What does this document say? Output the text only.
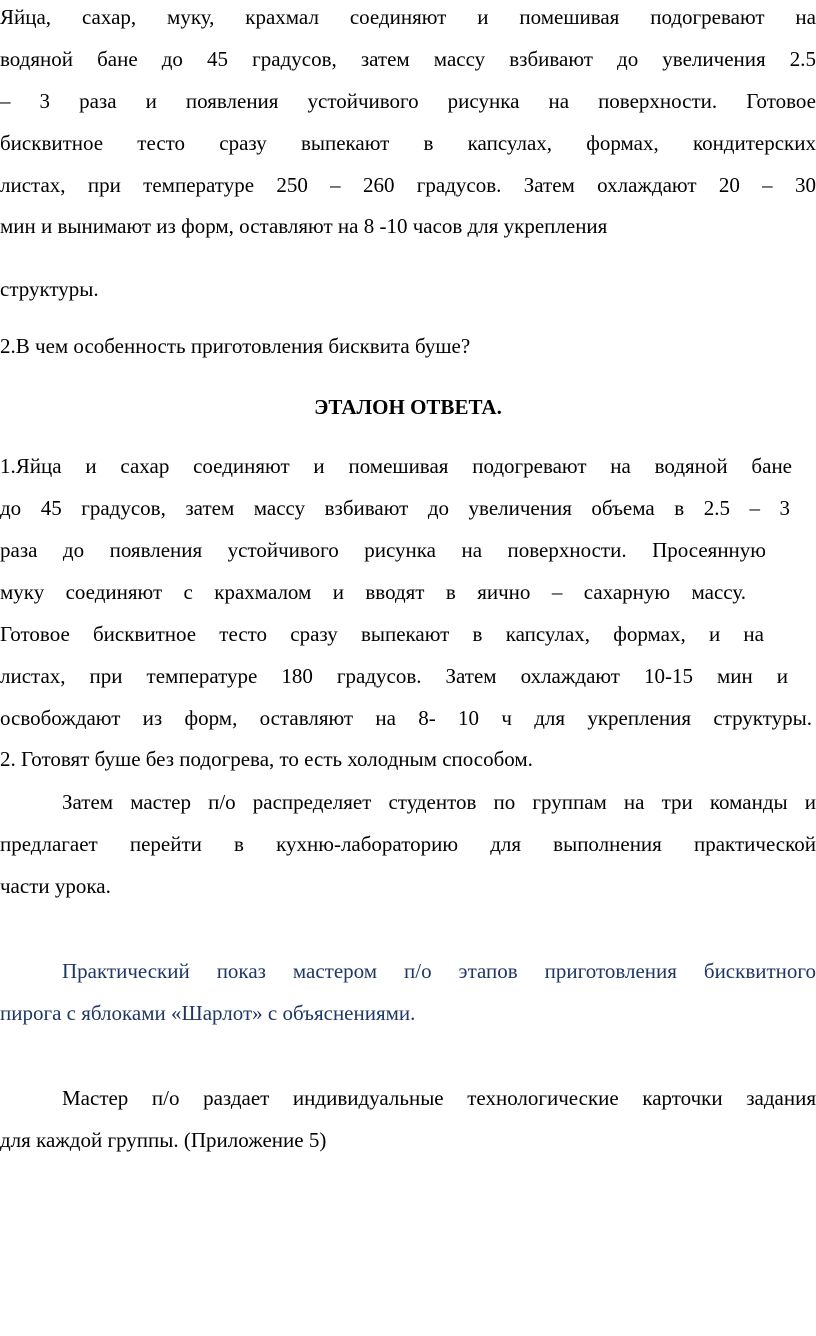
Яйца, сахар, муку, крахмал соединяют и помешивая подогревают на
водяной бане до 45 градусов, затем массу взбивают до увеличения 2.5
– 3 раза и появления устойчивого рисунка на поверхности. Готовое
бисквитное тесто сразу выпекают в капсулах, формах, кондитерских
листах, при температуре 250 – 260 градусов. Затем охлаждают 20 – 30
мин и вынимают из форм, оставляют на 8 -10 часов для укрепления
структуры.
2.В чем особенность приготовления бисквита буше?
ЭТАЛОН ОТВЕТА.
1.Яйца и сахар соединяют и помешивая подогревают на водяной бане
до 45 градусов, затем массу взбивают до увеличения объема в 2.5 – 3
раза до появления устойчивого рисунка на поверхности. Просеянную
муку соединяют с крахмалом и вводят в яично – сахарную массу.
Готовое бисквитное тесто сразу выпекают в капсулах, формах, и на
листах, при температуре 180 градусов. Затем охлаждают 10-15 мин и
освобождают из форм, оставляют на 8- 10 ч для укрепления структуры.
2. Готовят буше без подогрева, то есть холодным способом.
Затем мастер п/о распределяет студентов по группам на три команды и
предлагает перейти в кухню-лабораторию для выполнения практической
части урока.
Практический показ мастером п/о этапов приготовления бисквитного
пирога с яблоками «Шарлот» с объяснениями.
Мастер п/о раздает индивидуальные технологические карточки задания
для каждой группы. (Приложение 5)
